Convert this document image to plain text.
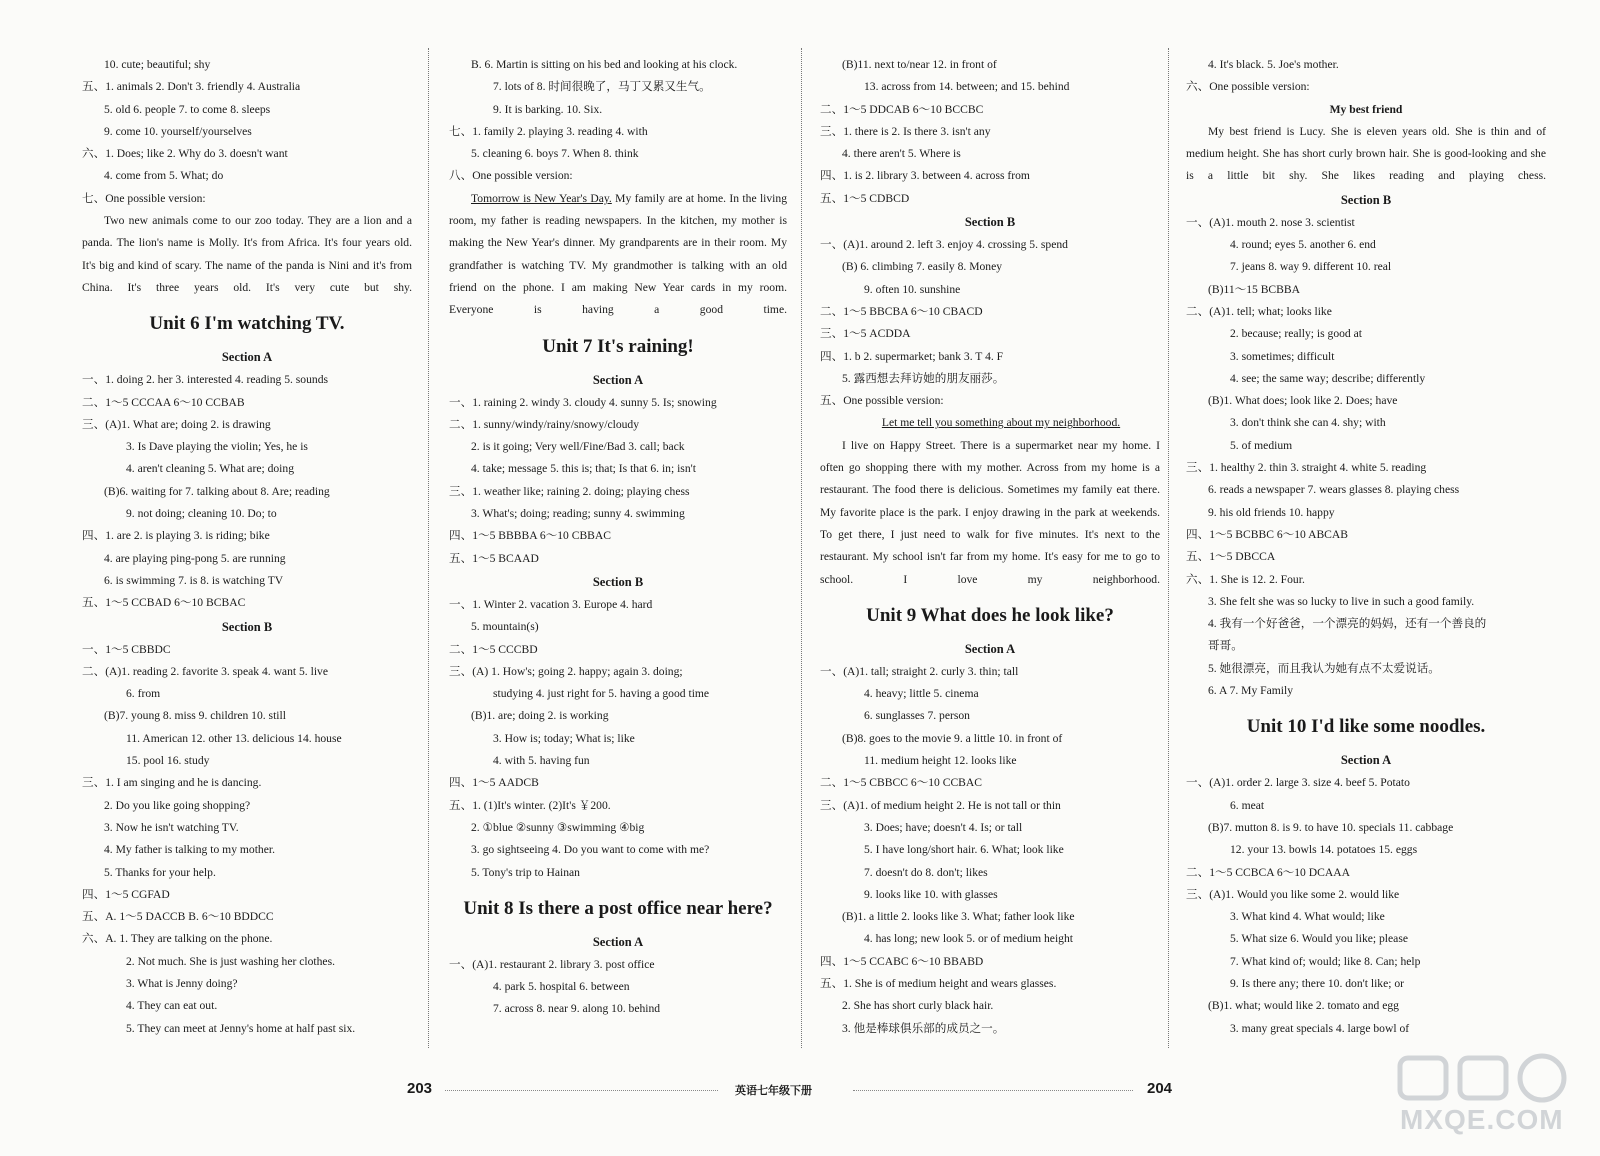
10. cute; beautiful; shy
五、1. animals 2. Don't 3. friendly 4. Australia
5. old 6. people 7. to come 8. sleeps
9. come 10. yourself/yourselves
六、1. Does; like 2. Why do 3. doesn't want
4. come from 5. What; do
七、One possible version:
Two new animals come to our zoo today. They are a lion and a panda. The lion's name is Molly. It's from Africa. It's four years old. It's big and kind of scary. The name of the panda is Nini and it's from China. It's three years old. It's very cute but shy.
Unit 6 I'm watching TV.
Section A
一、1. doing 2. her 3. interested 4. reading 5. sounds
二、1～5 CCCAA 6～10 CCBAB
三、(A)1. What are; doing 2. is drawing
3. Is Dave playing the violin; Yes, he is
4. aren't cleaning 5. What are; doing
(B)6. waiting for 7. talking about 8. Are; reading
9. not doing; cleaning 10. Do; to
四、1. are 2. is playing 3. is riding; bike
4. are playing ping-pong 5. are running
6. is swimming 7. is 8. is watching TV
五、1～5 CCBAD 6～10 BCBAC
Section B
一、1～5 CBBDC
二、(A)1. reading 2. favorite 3. speak 4. want 5. live
6. from
(B)7. young 8. miss 9. children 10. still
11. American 12. other 13. delicious 14. house
15. pool 16. study
三、1. I am singing and he is dancing.
2. Do you like going shopping?
3. Now he isn't watching TV.
4. My father is talking to my mother.
5. Thanks for your help.
四、1～5 CGFAD
五、A. 1～5 DACCB B. 6～10 BDDCC
六、A. 1. They are talking on the phone.
2. Not much. She is just washing her clothes.
3. What is Jenny doing?
4. They can eat out.
5. They can meet at Jenny's home at half past six.
B. 6. Martin is sitting on his bed and looking at his clock.
7. lots of 8. 时间很晚了，马丁又累又生气。
9. It is barking. 10. Six.
七、1. family 2. playing 3. reading 4. with
5. cleaning 6. boys 7. When 8. think
八、One possible version:
Tomorrow is New Year's Day. My family are at home. In the living room, my father is reading newspapers. In the kitchen, my mother is making the New Year's dinner. My grandparents are in their room. My grandfather is watching TV. My grandmother is talking with an old friend on the phone. I am making New Year cards in my room. Everyone is having a good time.
Unit 7 It's raining!
Section A
一、1. raining 2. windy 3. cloudy 4. sunny 5. Is; snowing
二、1. sunny/windy/rainy/snowy/cloudy
2. is it going; Very well/Fine/Bad 3. call; back
4. take; message 5. this is; that; Is that 6. in; isn't
三、1. weather like; raining 2. doing; playing chess
3. What's; doing; reading; sunny 4. swimming
四、1～5 BBBBA 6～10 CBBAC
五、1～5 BCAAD
Section B
一、1. Winter 2. vacation 3. Europe 4. hard
5. mountain(s)
二、1～5 CCCBD
三、(A) 1. How's; going 2. happy; again 3. doing;
studying 4. just right for 5. having a good time
(B)1. are; doing 2. is working
3. How is; today; What is; like
4. with 5. having fun
四、1～5 AADCB
五、1. (1)It's winter. (2)It's ￥200.
2. ①blue ②sunny ③swimming ④big
3. go sightseeing 4. Do you want to come with me?
5. Tony's trip to Hainan
Unit 8 Is there a post office near here?
Section A
一、(A)1. restaurant 2. library 3. post office
4. park 5. hospital 6. between
7. across 8. near 9. along 10. behind
(B)11. next to/near 12. in front of
13. across from 14. between; and 15. behind
二、1～5 DDCAB 6～10 BCCBC
三、1. there is 2. Is there 3. isn't any
4. there aren't 5. Where is
四、1. is 2. library 3. between 4. across from
五、1～5 CDBCD
Section B
一、(A)1. around 2. left 3. enjoy 4. crossing 5. spend
(B) 6. climbing 7. easily 8. Money
9. often 10. sunshine
二、1～5 BBCBA 6～10 CBACD
三、1～5 ACDDA
四、1. b 2. supermarket; bank 3. T 4. F
5. 露西想去拜访她的朋友丽莎。
五、One possible version:
Let me tell you something about my neighborhood.
I live on Happy Street. There is a supermarket near my home. I often go shopping there with my mother. Across from my home is a restaurant. The food there is delicious. Sometimes my family eat there. My favorite place is the park. I enjoy drawing in the park at weekends. To get there, I just need to walk for five minutes. It's next to the restaurant. My school isn't far from my home. It's easy for me to go to school. I love my neighborhood.
Unit 9 What does he look like?
Section A
一、(A)1. tall; straight 2. curly 3. thin; tall
4. heavy; little 5. cinema
6. sunglasses 7. person
(B)8. goes to the movie 9. a little 10. in front of
11. medium height 12. looks like
二、1～5 CBBCC 6～10 CCBAC
三、(A)1. of medium height 2. He is not tall or thin
3. Does; have; doesn't 4. Is; or tall
5. I have long/short hair. 6. What; look like
7. doesn't do 8. don't; likes
9. looks like 10. with glasses
(B)1. a little 2. looks like 3. What; father look like
4. has long; new look 5. or of medium height
四、1～5 CCABC 6～10 BBABD
五、1. She is of medium height and wears glasses.
2. She has short curly black hair.
3. 他是棒球俱乐部的成员之一。
4. It's black. 5. Joe's mother.
六、One possible version:
My best friend
My best friend is Lucy. She is eleven years old. She is thin and of medium height. She has short curly brown hair. She is good-looking and she is a little bit shy. She likes reading and playing chess.
Section B
一、(A)1. mouth 2. nose 3. scientist
4. round; eyes 5. another 6. end
7. jeans 8. way 9. different 10. real
(B)11～15 BCBBA
二、(A)1. tell; what; looks like
2. because; really; is good at
3. sometimes; difficult
4. see; the same way; describe; differently
(B)1. What does; look like 2. Does; have
3. don't think she can 4. shy; with
5. of medium
三、1. healthy 2. thin 3. straight 4. white 5. reading
6. reads a newspaper 7. wears glasses 8. playing chess
9. his old friends 10. happy
四、1～5 BCBBC 6～10 ABCAB
五、1～5 DBCCA
六、1. She is 12. 2. Four.
3. She felt she was so lucky to live in such a good family.
4. 我有一个好爸爸，一个漂亮的妈妈，还有一个善良的
哥哥。
5. 她很漂亮，而且我认为她有点不太爱说话。
6. A 7. My Family
Unit 10 I'd like some noodles.
Section A
一、(A)1. order 2. large 3. size 4. beef 5. Potato
6. meat
(B)7. mutton 8. is 9. to have 10. specials 11. cabbage
12. your 13. bowls 14. potatoes 15. eggs
二、1～5 CCBCA 6～10 DCAAA
三、(A)1. Would you like some 2. would like
3. What kind 4. What would; like
5. What size 6. Would you like; please
7. What kind of; would; like 8. Can; help
9. Is there any; there 10. don't like; or
(B)1. what; would like 2. tomato and egg
3. many great specials 4. large bowl of
203	英语七年级下册	204
MXQE.COM
